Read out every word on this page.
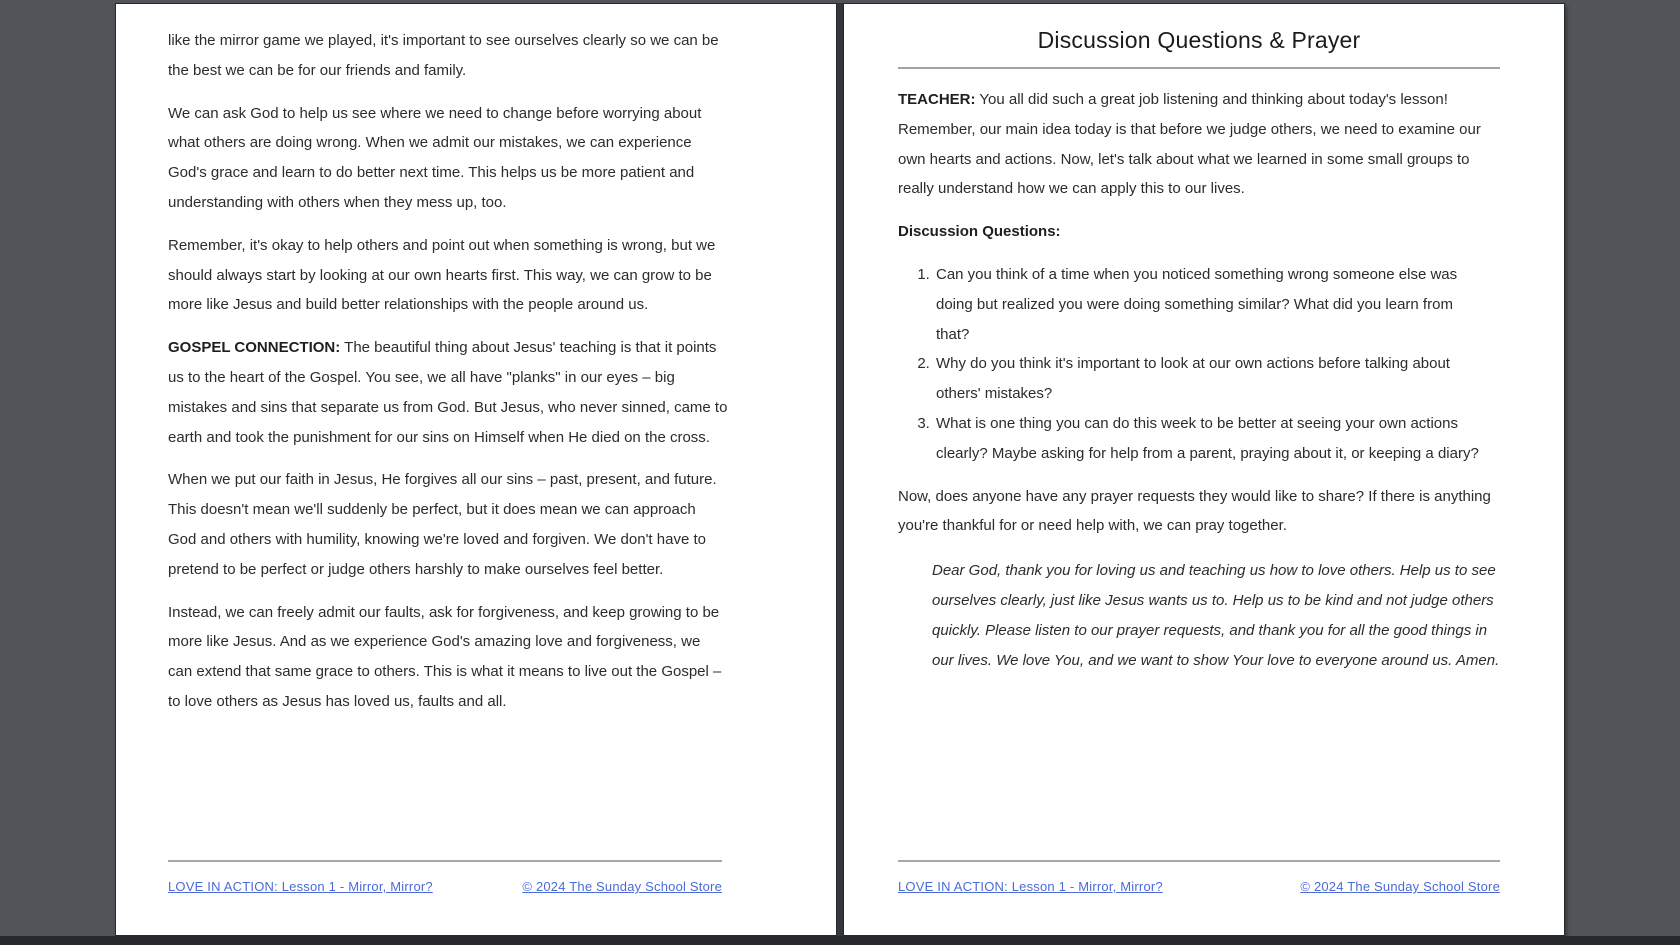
like the mirror game we played, it's important to see ourselves clearly so we can be the best we can be for our friends and family.

We can ask God to help us see where we need to change before worrying about what others are doing wrong. When we admit our mistakes, we can experience God's grace and learn to do better next time. This helps us be more patient and understanding with others when they mess up, too.

Remember, it's okay to help others and point out when something is wrong, but we should always start by looking at our own hearts first. This way, we can grow to be more like Jesus and build better relationships with the people around us.

GOSPEL CONNECTION: The beautiful thing about Jesus' teaching is that it points us to the heart of the Gospel. You see, we all have "planks" in our eyes – big mistakes and sins that separate us from God. But Jesus, who never sinned, came to earth and took the punishment for our sins on Himself when He died on the cross.

When we put our faith in Jesus, He forgives all our sins – past, present, and future. This doesn't mean we'll suddenly be perfect, but it does mean we can approach God and others with humility, knowing we're loved and forgiven. We don't have to pretend to be perfect or judge others harshly to make ourselves feel better.

Instead, we can freely admit our faults, ask for forgiveness, and keep growing to be more like Jesus. And as we experience God's amazing love and forgiveness, we can extend that same grace to others. This is what it means to live out the Gospel – to love others as Jesus has loved us, faults and all.

LOVE IN ACTION: Lesson 1 - Mirror, Mirror?	© 2024 The Sunday School Store
Discussion Questions & Prayer

TEACHER: You all did such a great job listening and thinking about today's lesson! Remember, our main idea today is that before we judge others, we need to examine our own hearts and actions. Now, let's talk about what we learned in some small groups to really understand how we can apply this to our lives.

Discussion Questions:

1. Can you think of a time when you noticed something wrong someone else was doing but realized you were doing something similar? What did you learn from that?
2. Why do you think it's important to look at our own actions before talking about others' mistakes?
3. What is one thing you can do this week to be better at seeing your own actions clearly? Maybe asking for help from a parent, praying about it, or keeping a diary?

Now, does anyone have any prayer requests they would like to share? If there is anything you're thankful for or need help with, we can pray together.

Dear God, thank you for loving us and teaching us how to love others. Help us to see ourselves clearly, just like Jesus wants us to. Help us to be kind and not judge others quickly. Please listen to our prayer requests, and thank you for all the good things in our lives. We love You, and we want to show Your love to everyone around us. Amen.

LOVE IN ACTION: Lesson 1 - Mirror, Mirror?	© 2024 The Sunday School Store
